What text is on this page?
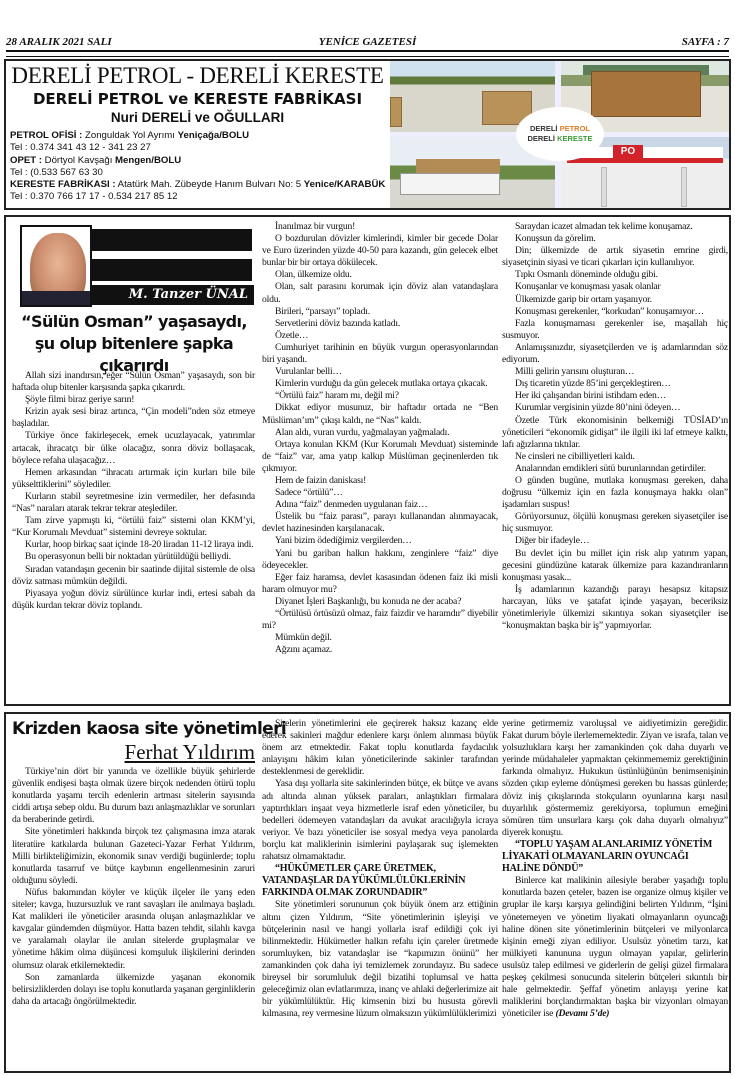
28 ARALIK 2021 SALI	YENİCE GAZETESİ	SAYFA : 7
DERELİ PETROL - DERELİ KERESTE
DERELİ PETROL ve KERESTE FABRİKASI
Nuri DERELİ ve OĞULLARI
PETROL OFİSİ : Zonguldak Yol Ayrımı Yeniçağa/BOLU
Tel : 0.374 341 43 12 - 341 23 27
OPET : Dörtyol Kavşağı Mengen/BOLU
Tel : (0.533 567 63 30
KERESTE FABRİKASI : Atatürk Mah. Zübeyde Hanım Bulvarı No: 5 Yenice/KARABÜK
Tel : 0.370 766 17 17 - 0.534 217 85 12
PO
DERELİ PETROL
DERELİ KERESTE
M. Tanzer ÜNAL
“Sülün Osman” yaşasaydı, şu olup bitenlere şapka çıkarırdı

Allah sizi inandırsın, eğer “Sülün Osman” yaşasaydı, son bir haftada olup bitenler karşısında şapka çıkarırdı.

Şöyle filmi biraz geriye sarın!

Krizin ayak sesi biraz artınca, “Çin modeli”nden söz etmeye başladılar.

Türkiye önce fakirleşecek, emek ucuzlayacak, yatırımlar artacak, ihracatçı bir ülke olacağız, sonra döviz bollaşacak, böylece refaha ulaşacağız…

Hemen arkasından “ihracatı artırmak için kurları bile bile yükselttiklerini” söylediler.

Kurların stabil seyretmesine izin vermediler, her defasında “Nas” naraları atarak tekrar tekrar ateşlediler.

Tam zirve yapmıştı ki, “örtülü faiz” sistemi olan KKM’yi, “Kur Korumalı Mevduat” sistemini devreye soktular.

Kurlar, hoop birkaç saat içinde 18-20 liradan 11-12 liraya indi.

Bu operasyonun belli bir noktadan yürütüldüğü belliydi.

Sıradan vatandaşın gecenin bir saatinde dijital sistemle de olsa döviz satması mümkün değildi.

Piyasaya yoğun döviz sürülünce kurlar indi, ertesi sabah da düşük kurdan tekrar döviz toplandı.

İnanılmaz bir vurgun!

O bozdurulan dövizler kimlerindi, kimler bir gecede Dolar ve Euro üzerinden yüzde 40-50 para kazandı, gün gelecek elbet bunlar bir bir ortaya dökülecek.

Olan, ülkemize oldu.

Olan, salt parasını korumak için döviz alan vatandaşlara oldu.

Birileri, “parsayı” topladı.

Servetlerini döviz bazında katladı.

Özetle…

Cumhuriyet tarihinin en büyük vurgun operasyonlarından biri yaşandı.

Vurulanlar belli…

Kimlerin vurduğu da gün gelecek mutlaka ortaya çıkacak.

“Örtülü faiz” haram mı, değil mi?

Dikkat ediyor musunuz, bir haftadır ortada ne “Ben Müslüman’ım” çıkışı kaldı, ne “Nas” kaldı.

Alan aldı, vuran vurdu, yağmalayan yağmaladı.

Ortaya konulan KKM (Kur Korumalı Mevduat) sisteminde de “faiz” var, ama yatıp kalkıp Müslüman geçinenlerden tık çıkmıyor.

Hem de faizin daniskası!

Sadece “örtülü”…

Adına “faiz” denmeden uygulanan faiz…

Üstelik bu “faiz parası”, parayı kullanandan alınmayacak, devlet hazinesinden karşılanacak.

Yani bizim ödediğimiz vergilerden…

Yani bu gariban halkın hakkını, zenginlere “faiz” diye ödeyecekler.

Eğer faiz haramsa, devlet kasasından ödenen faiz iki misli haram olmuyor mu?

Diyanet İşleri Başkanlığı, bu konuda ne der acaba?

“Örtülüsü örtüsüzü olmaz, faiz faizdir ve haramdır” diyebilir mi?

Mümkün değil.

Ağzını açamaz.

Saraydan icazet almadan tek kelime konuşamaz.

Konuşsun da görelim.

Din; ülkemizde de artık siyasetin emrine girdi, siyasetçinin siyasi ve ticari çıkarları için kullanılıyor.

Tıpkı Osmanlı döneminde olduğu gibi.

Konuşanlar ve konuşması yasak olanlar

Ülkemizde garip bir ortam yaşanıyor.

Konuşması gerekenler, “korkudan” konuşamıyor…

Fazla konuşmaması gerekenler ise, maşallah hiç susmuyor.

Anlamışsınızdır, siyasetçilerden ve iş adamlarından söz ediyorum.

Milli gelirin yarısını oluşturan…

Dış ticaretin yüzde 85’ini gerçekleştiren…

Her iki çalışandan birini istihdam eden…

Kurumlar vergisinin yüzde 80’nini ödeyen…

Özetle Türk ekonomisinin belkemiği TÜSİAD’ın yöneticileri “ekonomik gidişat” ile ilgili iki laf etmeye kalktı, lafı ağızlarına tıktılar.

Ne cinsleri ne cibilliyetleri kaldı.

Analarından emdikleri sütü burunlarından getirdiler.

O günden bugüne, mutlaka konuşması gereken, daha doğrusu “ülkemiz için en fazla konuşmaya hakkı olan” işadamları suspus!

Görüyorsunuz, ölçülü konuşması gereken siyasetçiler ise hiç susmuyor.

Diğer bir ifadeyle…

Bu devlet için bu millet için risk alıp yatırım yapan, gecesini gündüzüne katarak ülkemize para kazandıranların konuşması yasak...

İş adamlarının kazandığı parayı hesapsız kitapsız harcayan, lüks ve şatafat içinde yaşayan, beceriksiz yönetimleriyle ülkemizi sıkıntıya sokan siyasetçiler ise “konuşmaktan başka bir iş” yapmıyorlar.

Krizden kaosa site yönetimleri
Ferhat Yıldırım

Türkiye’nin dört bir yanında ve özellikle büyük şehirlerde güvenlik endişesi başta olmak üzere birçok nedenden ötürü toplu konutlarda yaşamı tercih edenlerin artması sitelerin sayısında ciddi artışa sebep oldu. Bu durum bazı anlaşmazlıklar ve sorunları da beraberinde getirdi.

Site yönetimleri hakkında birçok tez çalışmasına imza atarak literatüre katkılarda bulunan Gazeteci-Yazar Ferhat Yıldırım, Milli birlikteliğimizin, ekonomik sınav verdiği bugünlerde; toplu konutlarda tasarruf ve bütçe kaybının engellenmesinin zaruri olduğunu söyledi.

Nüfus bakımından köyler ve küçük ilçeler ile yarış eden siteler; kavga, huzursuzluk ve rant savaşları ile anılmaya başladı. Kat malikleri ile yöneticiler arasında oluşan anlaşmazlıklar ve kavgalar gündemden düşmüyor. Hatta bazen tehdit, silahlı kavga ve yaralamalı olaylar ile anılan sitelerde gruplaşmalar ve yönetime hâkim olma düşüncesi komşuluk ilişkilerini derinden olumsuz olarak etkilemektedir.

Son zamanlarda ülkemizde yaşanan ekonomik belirsizliklerden dolayı ise toplu konutlarda yaşanan gerginliklerin daha da artacağı öngörülmektedir.

Sitelerin yönetimlerini ele geçirerek haksız kazanç elde ederek sakinleri mağdur edenlere karşı önlem alınması büyük önem arz etmektedir. Fakat toplu konutlarda faydacılık anlayışını hâkim kılan yöneticilerinde sakinler tarafından desteklenmesi de gereklidir.

Yasa dışı yollarla site sakinlerinden bütçe, ek bütçe ve avans adı altında alınan yüksek paraları, anlaştıkları firmalara yaptırdıkları inşaat veya hizmetlerle israf eden yöneticiler, bu bedelleri ödemeyen vatandaşları da avukat aracılığıyla icraya veriyor. Ve bazı yöneticiler ise sosyal medya veya panolarda borçlu kat maliklerinin isimlerini paylaşarak suç işlemekten rahatsız olmamaktadır.

“HÜKÜMETLER ÇARE ÜRETMEK, VATANDAŞLAR DA YÜKÜMLÜLÜKLERİNİN FARKINDA OLMAK ZORUNDADIR”

Site yönetimleri sorununun çok büyük önem arz ettiğinin altını çizen Yıldırım, “Site yönetimlerinin işleyişi ve bütçelerinin nasıl ve hangi yollarla israf edildiği çok iyi bilinmektedir. Hükümetler halkın refahı için çareler üretmede sorumluyken, biz vatandaşlar ise “kapımızın önünü” her zamankinden çok daha iyi temizlemek zorundayız. Bu sadece bireysel bir sorumluluk değil bizatihi toplumsal ve hatta geleceğimiz olan evlatlarımıza, inanç ve ahlaki değerlerimize ait bir yükümlülüktür. Hiç kimsenin bizi bu hususta görevli kılmasına, rey vermesine lüzum olmaksızın yükümlülüklerimizi

yerine getirmemiz varoluşsal ve aidiyetimizin gereğidir. Fakat durum böyle ilerlememektedir. Ziyan ve israfa, talan ve yolsuzluklara karşı her zamankinden çok daha duyarlı ve yerinde müdahaleler yapmaktan çekinmememiz gerektiğinin farkında olmalıyız. Hukukun üstünlüğünün benimsenişinin sözden çıkıp eyleme dönüşmesi gereken bu hassas günlerde; döviz iniş çıkışlarında stokçuların oyunlarına karşı nasıl duyarlılık göstermemiz gerekiyorsa, toplumun emeğini sömüren tüm unsurlara karşı çok daha duyarlı olmalıyız” diyerek konuştu.

“TOPLU YAŞAM ALANLARIMIZ YÖNETİM LİYAKATİ OLMAYANLARIN OYUNCAĞI HALİNE DÖNDÜ”

Binlerce kat malikinin ailesiyle beraber yaşadığı toplu konutlarda bazen çeteler, bazen ise organize olmuş kişiler ve gruplar ile karşı karşıya gelindiğini belirten Yıldırım, “İşini yönetemeyen ve yönetim liyakati olmayanların oyuncağı haline dönen site yönetimlerinin bütçeleri ve milyonlarca kişinin emeği ziyan ediliyor. Usulsüz yönetim tarzı, kat mülkiyeti kanununa uygun olmayan yapılar, gelirlerin usulsüz talep edilmesi ve giderlerin de gelişi güzel firmalara peşkeş çekilmesi sonucunda sitelerin bütçeleri sıkıntılı bir hale gelmektedir. Şeffaf yönetim anlayışı yerine kat maliklerini borçlandırmaktan başka bir vizyonları olmayan yöneticiler ise (Devamı 5’de)
